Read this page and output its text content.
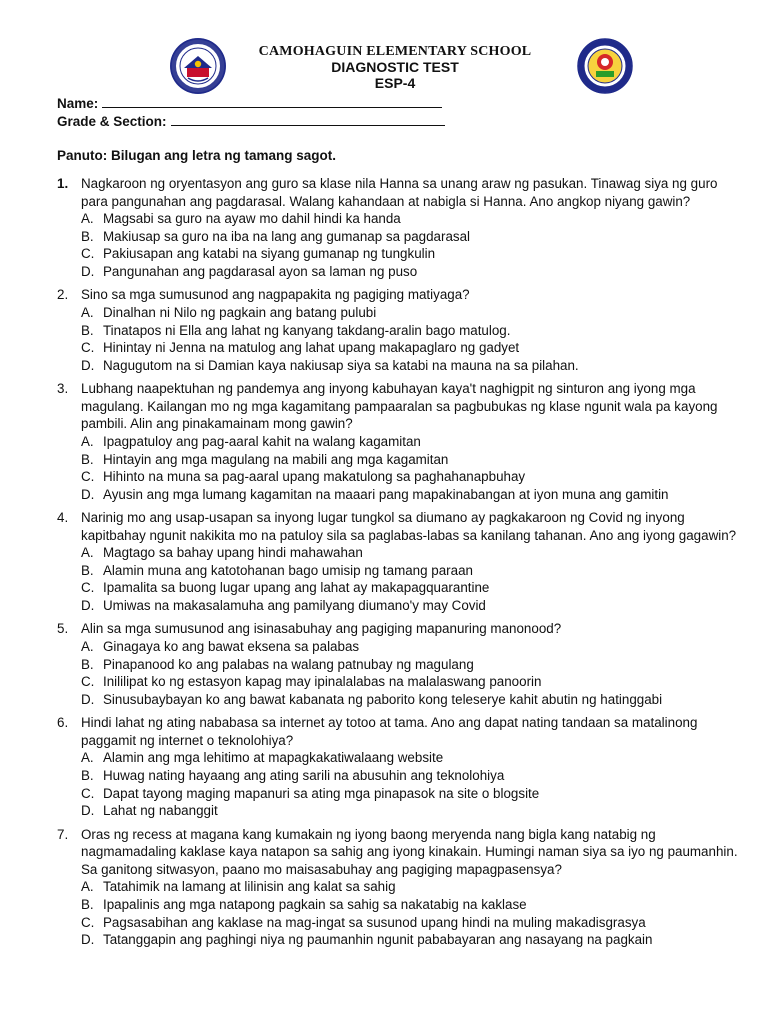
CAMOHAGUIN ELEMENTARY SCHOOL
DIAGNOSTIC TEST
ESP-4
Name:
Grade & Section:
Panuto: Bilugan ang letra ng tamang sagot.
1. Nagkaroon ng oryentasyon ang guro sa klase nila Hanna sa unang araw ng pasukan. Tinawag siya ng guro para pangunahan ang pagdarasal. Walang kahandaan at nabigla si Hanna. Ano angkop niyang gawin?
A. Magsabi sa guro na ayaw mo dahil hindi ka handa
B. Makiusap sa guro na iba na lang ang gumanap sa pagdarasal
C. Pakiusapan ang katabi na siyang gumanap ng tungkulin
D. Pangunahan ang pagdarasal ayon sa laman ng puso
2. Sino sa mga sumusunod ang nagpapakita ng pagiging matiyaga?
A. Dinalhan ni Nilo ng pagkain ang batang pulubi
B. Tinatapos ni Ella ang lahat ng kanyang takdang-aralin bago matulog.
C. Hinintay ni Jenna na matulog ang lahat upang makapaglaro ng gadyet
D. Nagugutom na si Damian kaya nakiusap siya sa katabi na mauna na sa pilahan.
3. Lubhang naapektuhan ng pandemya ang inyong kabuhayan kaya't naghigpit ng sinturon ang iyong mga magulang. Kailangan mo ng mga kagamitang pampaaralan sa pagbubukas ng klase ngunit wala pa kayong pambili. Alin ang pinakamainam mong gawin?
A. Ipagpatuloy ang pag-aaral kahit na walang kagamitan
B. Hintayin ang mga magulang na mabili ang mga kagamitan
C. Hihinto na muna sa pag-aaral upang makatulong sa paghahanapbuhay
D. Ayusin ang mga lumang kagamitan na maaari pang mapakinabangan at iyon muna ang gamitin
4. Narinig mo ang usap-usapan sa inyong lugar tungkol sa diumano ay pagkakaroon ng Covid ng inyong kapitbahay ngunit nakikita mo na patuloy sila sa paglabas-labas sa kanilang tahanan. Ano ang iyong gagawin?
A. Magtago sa bahay upang hindi mahawahan
B. Alamin muna ang katotohanan bago umisip ng tamang paraan
C. Ipamalita sa buong lugar upang ang lahat ay makapagquarantine
D. Umiwas na makasalamuha ang pamilyang diumano'y may Covid
5. Alin sa mga sumusunod ang isinasabuhay ang pagiging mapanuring manonood?
A. Ginagaya ko ang bawat eksena sa palabas
B. Pinapanood ko ang palabas na walang patnubay ng magulang
C. Inililipat ko ng estasyon kapag may ipinalalabas na malalaswang panoorin
D. Sinusubaybayan ko ang bawat kabanata ng paborito kong teleserye kahit abutin ng hatinggabi
6. Hindi lahat ng ating nababasa sa internet ay totoo at tama. Ano ang dapat nating tandaan sa matalinong paggamit ng internet o teknolohiya?
A. Alamin ang mga lehitimo at mapagkakatiwalaang website
B. Huwag nating hayaang ang ating sarili na abusuhin ang teknolohiya
C. Dapat tayong maging mapanuri sa ating mga pinapasok na site o blogsite
D. Lahat ng nabanggit
7. Oras ng recess at magana kang kumakain ng iyong baong meryenda nang bigla kang natabig ng nagmamadaling kaklase kaya natapon sa sahig ang iyong kinakain. Humingi naman siya sa iyo ng paumanhin. Sa ganitong sitwasyon, paano mo maisasabuhay ang pagiging mapagpasensya?
A. Tatahimik na lamang at lilinisin ang kalat sa sahig
B. Ipapalinis ang mga natapong pagkain sa sahig sa nakatabig na kaklase
C. Pagsasabihan ang kaklase na mag-ingat sa susunod upang hindi na muling makadisgrasya
D. Tatanggapin ang paghingi niya ng paumanhin ngunit pababayaran ang nasayang na pagkain
